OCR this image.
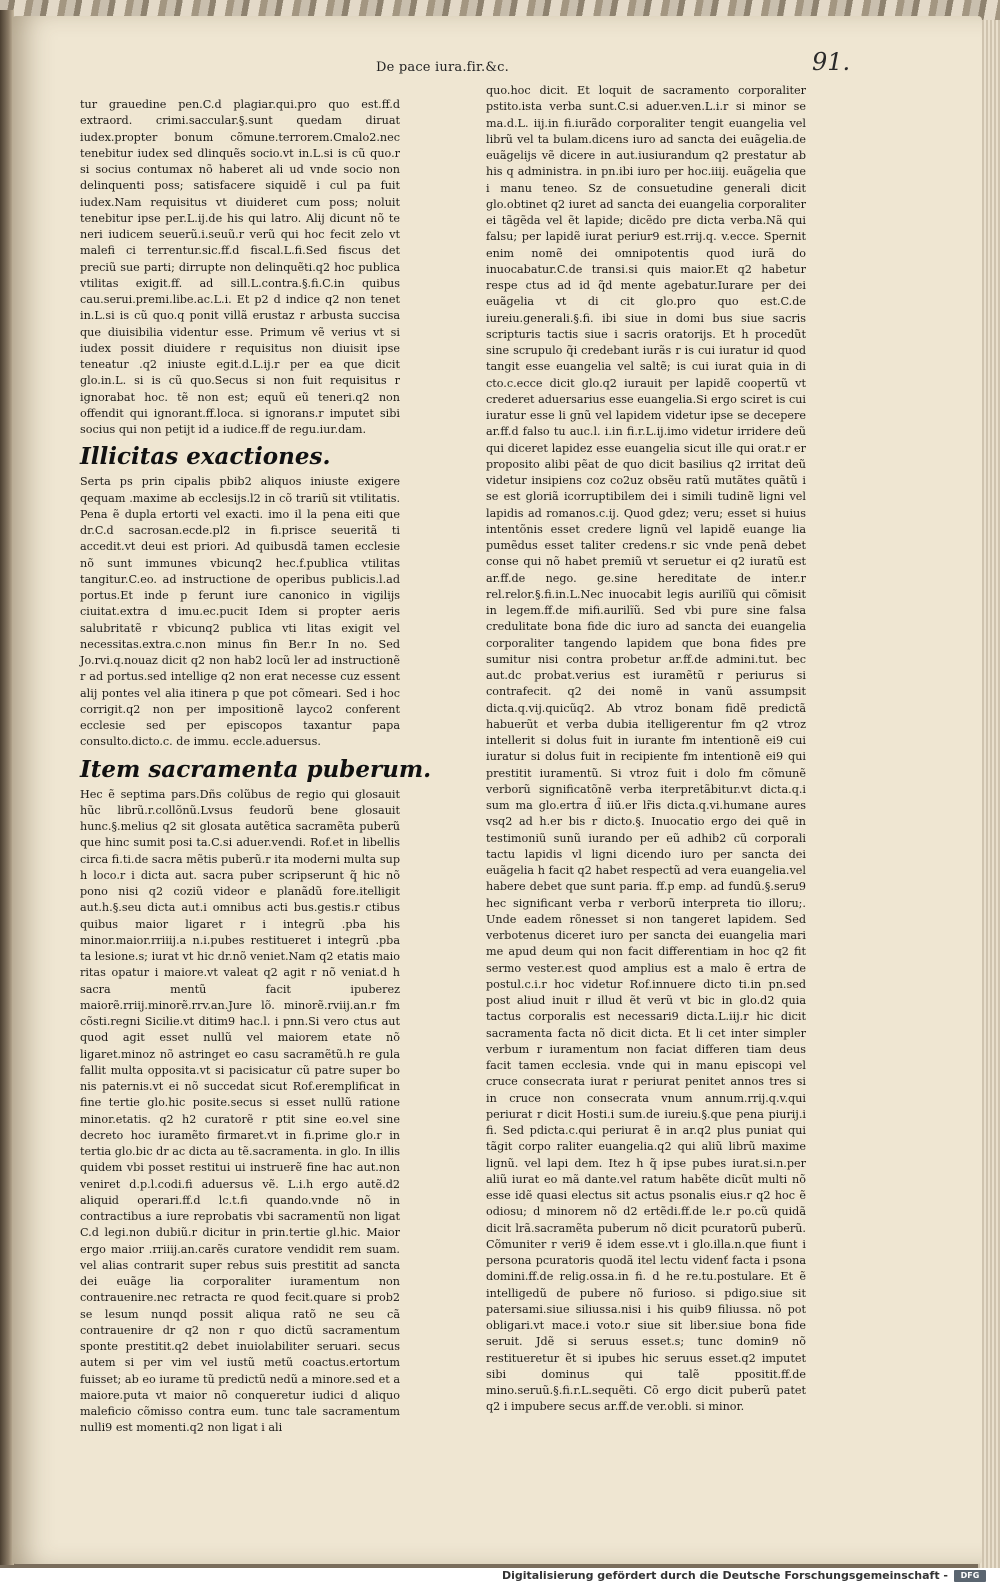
De pace iura.fir.&c.	91.

tur grauedine pen.C.d plagiar.qui.pro quo est.ff.d extraord. crimi.saccular.§.sunt quedam diruat iudex.propter bonum cõmune.terrorem.Cmalo2.nec tenebitur iudex sed dlinquẽs socio.vt in.L.si is cũ quo.r si socius contumax nõ haberet ali ud vnde socio non delinquenti poss; satisfacere siquidẽ i cul pa fuit iudex.Nam requisitus vt diuideret cum poss; noluit tenebitur ipse per.L.ij.de his qui latro. Alij dicunt nõ te neri iudicem seuerũ.i.seuũ.r verũ qui hoc fecit zelo vt malefi ci terrentur.sic.ff.d fiscal.L.fi.Sed fiscus det preciũ sue parti; dirrupte non delinquẽti.q2 hoc publica vtilitas exigit.ff. ad sill.L.contra.§.fi.C.in quibus cau.serui.premi.libe.ac.L.i. Et p2 d indice q2 non tenet in.L.si is cũ quo.q ponit villã erustaz r arbusta succisa que diuisibilia videntur esse. Primum vẽ verius vt si iudex possit diuidere r requisitus non diuisit ipse teneatur .q2 iniuste egit.d.L.ij.r per ea que dicit glo.in.L. si is cũ quo.Secus si non fuit requisitus r ignorabat hoc. tẽ non est; equũ eũ teneri.q2 non offendit qui ignorant.ff.loca. si ignorans.r imputet sibi socius qui non petijt id a iudice.ff de regu.iur.dam.

Illicitas exactiones.

Serta ps prin cipalis pbib2 aliquos iniuste exigere qequam .maxime ab ecclesijs.l2 in cõ trariũ sit vtilitatis. Pena ẽ dupla ertorti vel exacti. imo il la pena eiti que dr.C.d sacrosan.ecde.pl2 in fi.prisce seueritã ti accedit.vt deui est priori. Ad quibusdã tamen ecclesie nõ sunt immunes vbicunq2 hec.f.publica vtilitas tangitur.C.eo. ad instructione de operibus publicis.l.ad portus.Et inde p ferunt iure canonico in vigilijs ciuitat.extra d imu.ec.pucit Idem si propter aeris salubritatẽ r vbicunq2 publica vti litas exigit vel necessitas.extra.c.non minus fin Ber.r In no. Sed Jo.rvi.q.nouaz dicit q2 non hab2 locũ ler ad instructionẽ r ad portus.sed intellige q2 non erat necesse cuz essent alij pontes vel alia itinera p que pot cõmeari. Sed i hoc corrigit.q2 non per impositionẽ layco2 conferent ecclesie sed per episcopos taxantur papa consulto.dicto.c. de immu. eccle.aduersus.

Item sacramenta puberum.

Hec ẽ septima pars.Dñs colũbus de regio qui glosauit hũc librũ.r.collõnũ.Lvsus feudorũ bene glosauit hunc.§.melius q2 sit glosata autẽtica sacramẽta puberũ que hinc sumit posi ta.C.si aduer.vendi. Rof.et in libellis circa fi.ti.de sacra mẽtis puberũ.r ita moderni multa sup h loco.r i dicta aut. sacra puber scripserunt q̃ hic nõ pono nisi q2 coziũ videor e planãdũ fore.itelligit aut.h.§.seu dicta aut.i omnibus acti bus.gestis.r ctibus quibus maior ligaret r i integrũ .pba his minor.maior.rriiij.a n.i.pubes restitueret i integrũ .pba ta lesione.s; iurat vt hic dr.nõ veniet.Nam q2 etatis maio ritas opatur i maiore.vt valeat q2 agit r nõ veniat.d h sacra mentũ facit ipuberez maiorẽ.rriij.minorẽ.rrv.an.Jure lõ. minorẽ.rviij.an.r fm cõsti.regni Sicilie.vt ditim9 hac.l. i pnn.Si vero ctus aut quod agit esset nullũ vel maiorem etate nõ ligaret.minoz nõ astringet eo casu sacramẽtũ.h re gula fallit multa opposita.vt si pacisicatur cũ patre super bo nis paternis.vt ei nõ succedat sicut Rof.eremplificat in fine tertie glo.hic posite.secus si esset nullũ ratione minor.etatis. q2 h2 curatorẽ r ptit sine eo.vel sine decreto hoc iuramẽto firmaret.vt in fi.prime glo.r in tertia glo.bic dr ac dicta au tẽ.sacramenta. in glo. In illis quidem vbi posset restitui ui instruerẽ fine hac aut.non veniret d.p.l.codi.fi aduersus vẽ. L.i.h ergo autẽ.d2 aliquid operari.ff.d lc.t.fi quando.vnde nõ in contractibus a iure reprobatis vbi sacramentũ non ligat C.d legi.non dubiũ.r dicitur in prin.tertie gl.hic. Maior ergo maior .rriiij.an.carẽs curatore vendidit rem suam. vel alias contrarit super rebus suis prestitit ad sancta dei euãge lia corporaliter iuramentum non contrauenire.nec retracta re quod fecit.quare si prob2 se lesum nunqd possit aliqua ratõ ne seu cã contrauenire dr q2 non r quo dictũ sacramentum sponte prestitit.q2 debet inuiolabiliter seruari. secus autem si per vim vel iustũ metũ coactus.ertortum fuisset; ab eo iurame tũ predictũ nedũ a minore.sed et a maiore.puta vt maior nõ conqueretur iudici d aliquo maleficio cõmisso contra eum. tunc tale sacramentum nulli9 est momenti.q2 non ligat i ali

quo.hoc dicit. Et loquit de sacramento corporaliter pstito.ista verba sunt.C.si aduer.ven.L.i.r si minor se ma.d.L. iij.in fi.iurãdo corporaliter tengit euangelia vel librũ vel ta bulam.dicens iuro ad sancta dei euãgelia.de euãgelijs vẽ dicere in aut.iusiurandum q2 prestatur ab his q administra. in pn.ibi iuro per hoc.iiij. euãgelia que i manu teneo. Sz de consuetudine generali dicit glo.obtinet q2 iuret ad sancta dei euangelia corporaliter ei tãgẽda vel ẽt lapide; dicẽdo pre dicta verba.Nã qui falsu; per lapidẽ iurat periur9 est.rrij.q. v.ecce. Spernit enim nomẽ dei omnipotentis quod iurã do inuocabatur.C.de transi.si quis maior.Et q2 habetur respe ctus ad id q̃d mente agebatur.Iurare per dei euãgelia vt di cit glo.pro quo est.C.de iureiu.generali.§.fi. ibi siue in domi bus siue sacris scripturis tactis siue i sacris oratorijs. Et h procedũt sine scrupulo q̃i credebant iurãs r is cui iuratur id quod tangit esse euangelia vel saltẽ; is cui iurat quia in di cto.c.ecce dicit glo.q2 iurauit per lapidẽ coopertũ vt crederet aduersarius esse euangelia.Si ergo sciret is cui iuratur esse li gnũ vel lapidem videtur ipse se decepere ar.ff.d falso tu auc.l. i.in fi.r.L.ij.imo videtur irridere deũ qui diceret lapidez esse euangelia sicut ille qui orat.r er proposito alibi pẽat de quo dicit basilius q2 irritat deũ videtur insipiens coz co2uz obsẽu ratũ mutãtes quãtũ i se est gloriã icorruptibilem dei i simili tudinẽ ligni vel lapidis ad romanos.c.ij. Quod gdez; veru; esset si huius intentõnis esset credere lignũ vel lapidẽ euange lia pumẽdus esset taliter credens.r sic vnde penã debet conse qui nõ habet premiũ vt seruetur ei q2 iuratũ est ar.ff.de nego. ge.sine hereditate de inter.r rel.relor.§.fi.in.L.Nec inuocabit legis aurilĩũ qui cõmisit in legem.ff.de mifi.aurilĩũ. Sed vbi pure sine falsa credulitate bona fide dic iuro ad sancta dei euangelia corporaliter tangendo lapidem que bona fides pre sumitur nisi contra probetur ar.ff.de admini.tut. bec aut.dc probat.verius est iuramẽtũ r periurus si contrafecit. q2 dei nomẽ in vanũ assumpsit dicta.q.vij.quicũq2. Ab vtroz bonam fidẽ predictã habuerũt et verba dubia itelligerentur fm q2 vtroz intellerit si dolus fuit in iurante fm intentionẽ ei9 cui iuratur si dolus fuit in recipiente fm intentionẽ ei9 qui prestitit iuramentũ. Si vtroz fuit i dolo fm cõmunẽ verborũ significatõnẽ verba iterpretãbitur.vt dicta.q.i sum ma glo.ertra d̃ iiŭ.er lr̃is dicta.q.vi.humane aures vsq2 ad h.er bis r dicto.§. Inuocatio ergo dei quẽ in testimoniũ sunũ iurando per eũ adhib2 cũ corporali tactu lapidis vl ligni dicendo iuro per sancta dei euãgelia h facit q2 habet respectũ ad vera euangelia.vel habere debet que sunt paria. ff.p emp. ad fundũ.§.seru9 hec significant verba r verborũ interpreta tio illoru;. Unde eadem rõnesset si non tangeret lapidem. Sed verbotenus diceret iuro per sancta dei euangelia mari me apud deum qui non facit differentiam in hoc q2 fit sermo vester.est quod amplius est a malo ẽ ertra de postul.c.i.r hoc videtur Rof.innuere dicto ti.in pn.sed post aliud inuit r illud ẽt verũ vt bic in glo.d2 quia tactus corporalis est necessari9 dicta.L.iij.r hic dicit sacramenta facta nõ dicit dicta. Et li cet inter simpler verbum r iuramentum non faciat differen tiam deus facit tamen ecclesia. vnde qui in manu episcopi vel cruce consecrata iurat r periurat penitet annos tres si in cruce non consecrata vnum annum.rrij.q.v.qui periurat r dicit Hosti.i sum.de iureiu.§.que pena piurij.i fi. Sed pdicta.c.qui periurat ẽ in ar.q2 plus puniat qui tãgit corpo raliter euangelia.q2 qui aliũ librũ maxime lignũ. vel lapi dem. Itez h q̃ ipse pubes iurat.si.n.per aliũ iurat eo mã dante.vel ratum habẽte dicũt multi nõ esse idẽ quasi electus sit actus psonalis eius.r q2 hoc ẽ odiosu; d minorem nõ d2 ertẽdi.ff.de le.r po.cũ quidã dicit lrã.sacramẽta puberum nõ dicit pcuratorũ puberũ. Cõmuniter r veri9 ẽ idem esse.vt i glo.illa.n.que fiunt i persona pcuratoris quodã itel lectu videnť facta i psona domini.ff.de relig.ossa.in fi. d he re.tu.postulare. Et ẽ intelligedũ de pubere nõ furioso. si pdigo.siue sit patersami.siue siliussa.nisi i his quib9 filiussa. nõ pot obligari.vt mace.i voto.r siue sit liber.siue bona fide seruit. Jdẽ si seruus esset.s; tunc domin9 nõ restitueretur ẽt si ipubes hic seruus esset.q2 imputet sibi dominus qui talẽ ppositit.ff.de mino.seruũ.§.fi.r.L.sequẽti. Cõ ergo dicit puberũ patet q2 i impubere secus ar.ff.de ver.obli. si minor.

Digitalisierung gefördert durch die Deutsche Forschungsgemeinschaft -	DFG
